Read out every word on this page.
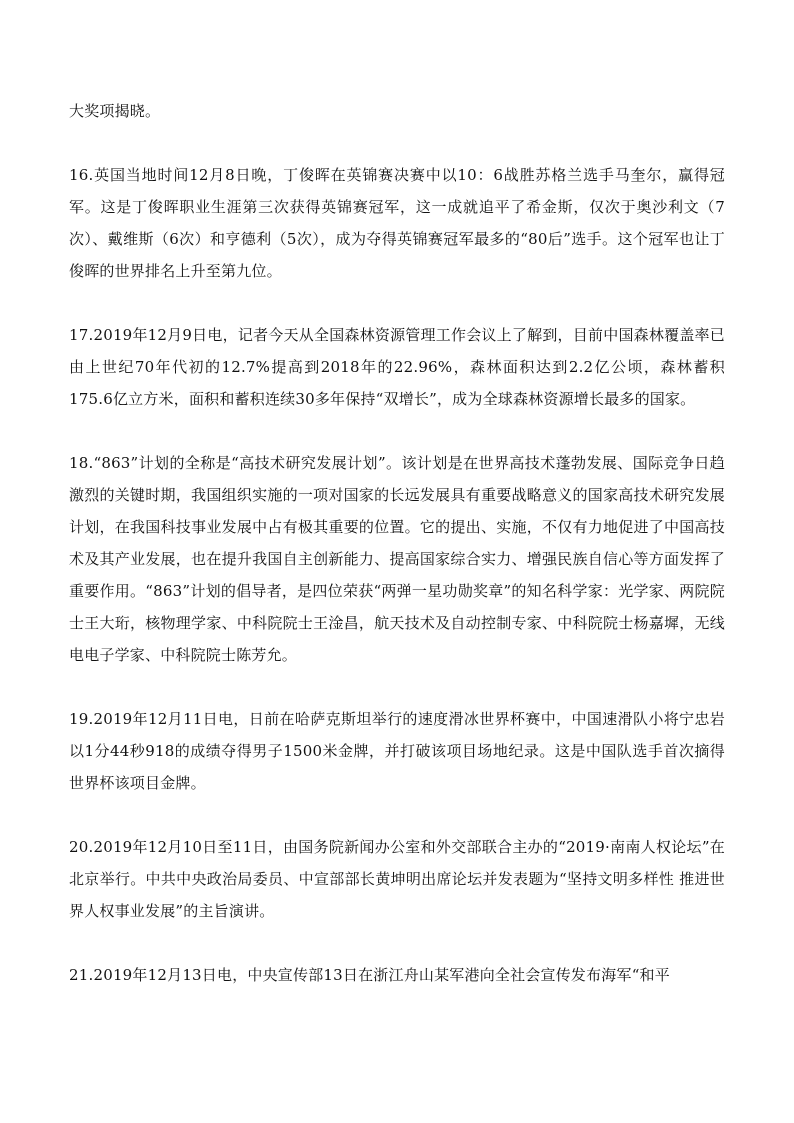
大奖项揭晓。

16.英国当地时间12月8日晚，丁俊晖在英锦赛决赛中以10：6战胜苏格兰选手马奎尔，赢得冠军。这是丁俊晖职业生涯第三次获得英锦赛冠军，这一成就追平了希金斯，仅次于奥沙利文（7次）、戴维斯（6次）和亨德利（5次），成为夺得英锦赛冠军最多的“80后”选手。这个冠军也让丁俊晖的世界排名上升至第九位。

17.2019年12月9日电，记者今天从全国森林资源管理工作会议上了解到，目前中国森林覆盖率已由上世纪70年代初的12.7%提高到2018年的22.96%，森林面积达到2.2亿公顷，森林蓄积175.6亿立方米，面积和蓄积连续30多年保持“双增长”，成为全球森林资源增长最多的国家。

18.“863”计划的全称是“高技术研究发展计划”。该计划是在世界高技术蓬勃发展、国际竞争日趋激烈的关键时期，我国组织实施的一项对国家的长远发展具有重要战略意义的国家高技术研究发展计划，在我国科技事业发展中占有极其重要的位置。它的提出、实施，不仅有力地促进了中国高技术及其产业发展，也在提升我国自主创新能力、提高国家综合实力、增强民族自信心等方面发挥了重要作用。“863”计划的倡导者，是四位荣获“两弹一星功勋奖章”的知名科学家：光学家、两院院士王大珩，核物理学家、中科院院士王淦昌，航天技术及自动控制专家、中科院院士杨嘉墀，无线电电子学家、中科院院士陈芳允。

19.2019年12月11日电，日前在哈萨克斯坦举行的速度滑冰世界杯赛中，中国速滑队小将宁忠岩以1分44秒918的成绩夺得男子1500米金牌，并打破该项目场地纪录。这是中国队选手首次摘得世界杯该项目金牌。

20.2019年12月10日至11日，由国务院新闻办公室和外交部联合主办的“2019·南南人权论坛”在北京举行。中共中央政治局委员、中宣部部长黄坤明出席论坛并发表题为“坚持文明多样性 推进世界人权事业发展”的主旨演讲。

21.2019年12月13日电，中央宣传部13日在浙江舟山某军港向全社会宣传发布海军“和平
